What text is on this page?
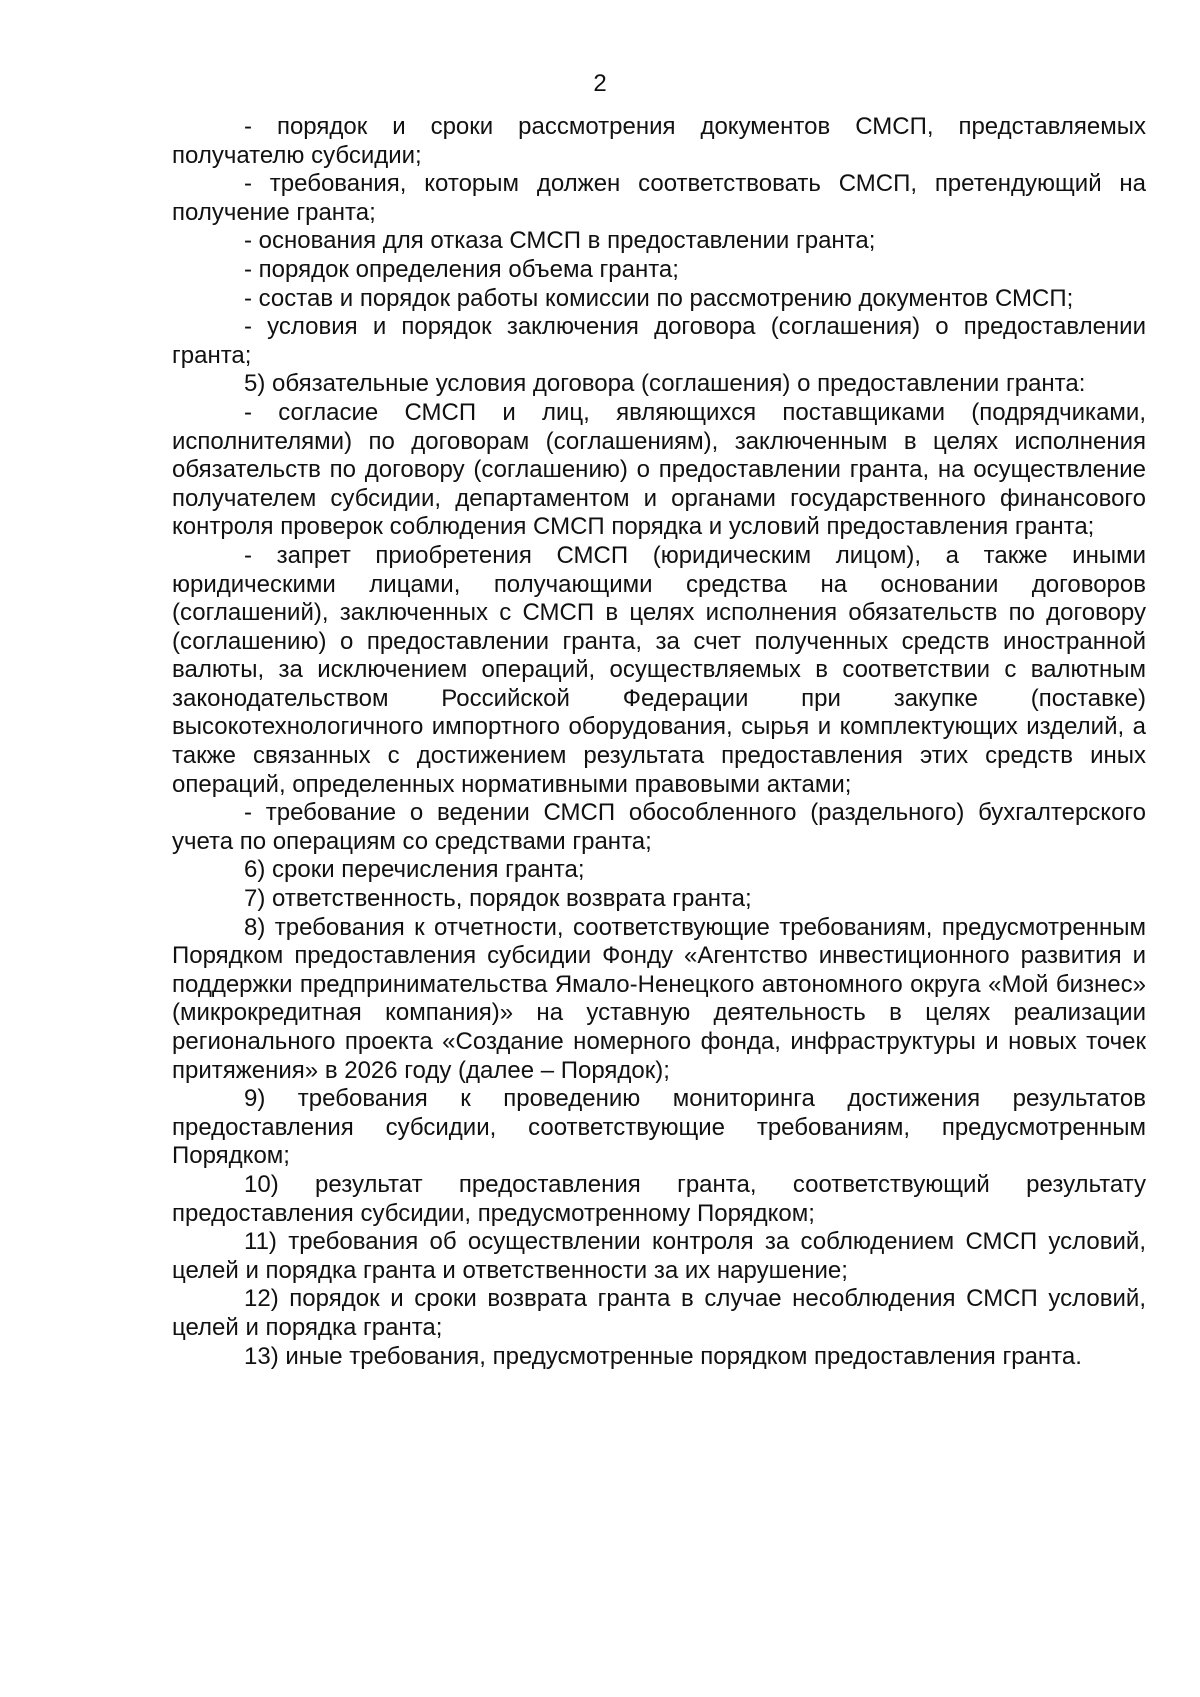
2

- порядок и сроки рассмотрения документов СМСП, представляемых получателю субсидии;

- требования, которым должен соответствовать СМСП, претендующий на получение гранта;

- основания для отказа СМСП в предоставлении гранта;

- порядок определения объема гранта;

- состав и порядок работы комиссии по рассмотрению документов СМСП;

- условия и порядок заключения договора (соглашения) о предоставлении гранта;

5) обязательные условия договора (соглашения) о предоставлении гранта:

- согласие СМСП и лиц, являющихся поставщиками (подрядчиками, исполнителями) по договорам (соглашениям), заключенным в целях исполнения обязательств по договору (соглашению) о предоставлении гранта, на осуществление получателем субсидии, департаментом и органами государственного финансового контроля проверок соблюдения СМСП порядка и условий предоставления гранта;

- запрет приобретения СМСП (юридическим лицом), а также иными юридическими лицами, получающими средства на основании договоров (соглашений), заключенных с СМСП в целях исполнения обязательств по договору (соглашению) о предоставлении гранта, за счет полученных средств иностранной валюты, за исключением операций, осуществляемых в соответствии с валютным законодательством Российской Федерации при закупке (поставке) высокотехнологичного импортного оборудования, сырья и комплектующих изделий, а также связанных с достижением результата предоставления этих средств иных операций, определенных нормативными правовыми актами;

- требование о ведении СМСП обособленного (раздельного) бухгалтерского учета по операциям со средствами гранта;

6) сроки перечисления гранта;

7) ответственность, порядок возврата гранта;

8) требования к отчетности, соответствующие требованиям, предусмотренным Порядком предоставления субсидии Фонду «Агентство инвестиционного развития и поддержки предпринимательства Ямало-Ненецкого автономного округа «Мой бизнес» (микрокредитная компания)» на уставную деятельность в целях реализации регионального проекта «Создание номерного фонда, инфраструктуры и новых точек притяжения» в 2026 году (далее – Порядок);

9) требования к проведению мониторинга достижения результатов предоставления субсидии, соответствующие требованиям, предусмотренным Порядком;

10) результат предоставления гранта, соответствующий результату предоставления субсидии, предусмотренному Порядком;

11) требования об осуществлении контроля за соблюдением СМСП условий, целей и порядка гранта и ответственности за их нарушение;

12) порядок и сроки возврата гранта в случае несоблюдения СМСП условий, целей и порядка гранта;

13) иные требования, предусмотренные порядком предоставления гранта.
